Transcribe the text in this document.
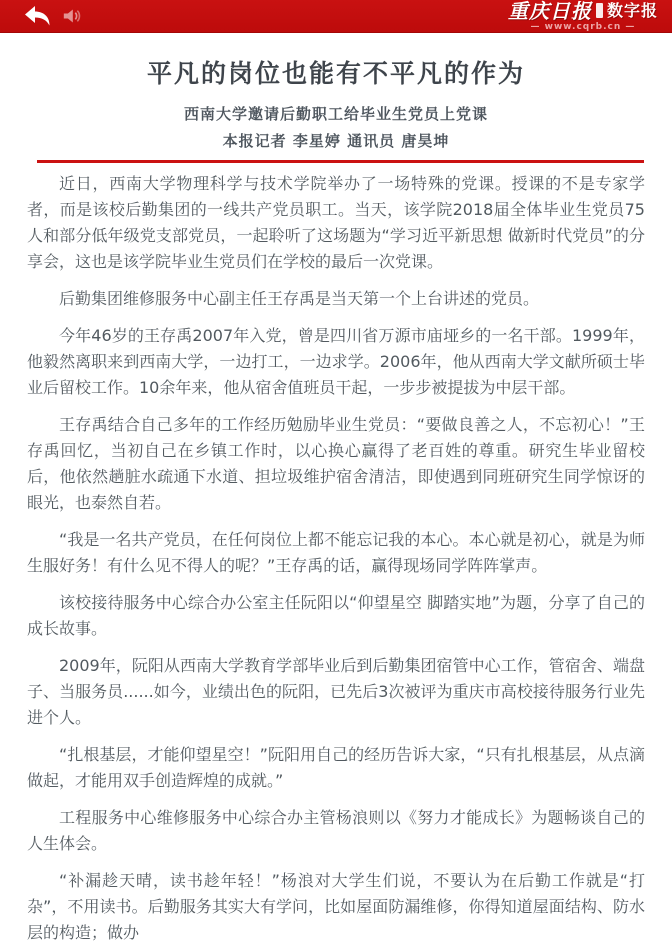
重庆日报 数字报
— www.cqrb.cn —
平凡的岗位也能有不平凡的作为
西南大学邀请后勤职工给毕业生党员上党课
本报记者 李星婷 通讯员 唐昊坤

近日，西南大学物理科学与技术学院举办了一场特殊的党课。授课的不是专家学者，而是该校后勤集团的一线共产党员职工。当天，该学院2018届全体毕业生党员75人和部分低年级党支部党员，一起聆听了这场题为“学习近平新思想 做新时代党员”的分享会，这也是该学院毕业生党员们在学校的最后一次党课。

后勤集团维修服务中心副主任王存禹是当天第一个上台讲述的党员。

今年46岁的王存禹2007年入党，曾是四川省万源市庙垭乡的一名干部。1999年，他毅然离职来到西南大学，一边打工，一边求学。2006年，他从西南大学文献所硕士毕业后留校工作。10余年来，他从宿舍值班员干起，一步步被提拔为中层干部。

王存禹结合自己多年的工作经历勉励毕业生党员：“要做良善之人，不忘初心！”王存禹回忆，当初自己在乡镇工作时，以心换心赢得了老百姓的尊重。研究生毕业留校后，他依然趟脏水疏通下水道、担垃圾维护宿舍清洁，即使遇到同班研究生同学惊讶的眼光，也泰然自若。

“我是一名共产党员，在任何岗位上都不能忘记我的本心。本心就是初心，就是为师生服好务！有什么见不得人的呢？”王存禹的话，赢得现场同学阵阵掌声。

该校接待服务中心综合办公室主任阮阳以“仰望星空 脚踏实地”为题，分享了自己的成长故事。

2009年，阮阳从西南大学教育学部毕业后到后勤集团宿管中心工作，管宿舍、端盘子、当服务员......如今，业绩出色的阮阳，已先后3次被评为重庆市高校接待服务行业先进个人。

“扎根基层，才能仰望星空！”阮阳用自己的经历告诉大家，“只有扎根基层，从点滴做起，才能用双手创造辉煌的成就。”

工程服务中心维修服务中心综合办主管杨浪则以《努力才能成长》为题畅谈自己的人生体会。

“补漏趁天晴，读书趁年轻！”杨浪对大学生们说，不要认为在后勤工作就是“打杂”，不用读书。后勤服务其实大有学问，比如屋面防漏维修，你得知道屋面结构、防水层的构造；做办
